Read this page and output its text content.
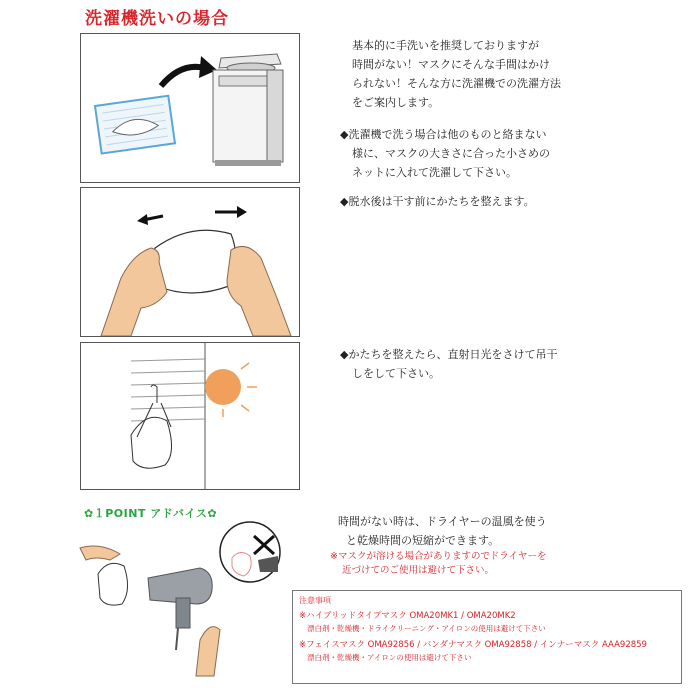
洗濯機洗いの場合
基本的に手洗いを推奨しておりますが
時間がない！マスクにそんな手間はかけ
られない！そんな方に洗濯機での洗濯方法
をご案内します。
◆洗濯機で洗う場合は他のものと絡まない
様に、マスクの大きさに合った小さめの
ネットに入れて洗濯して下さい。
◆脱水後は干す前にかたちを整えます。
◆かたちを整えたら、直射日光をさけて吊干
しをして下さい。
✿１POINT アドバイス✿
時間がない時は、ドライヤーの温風を使う
と乾燥時間の短縮ができます。
※マスクが溶ける場合がありますのでドライヤーを
近づけてのご使用は避けて下さい。
注意事項
※ハイブリッドタイプマスク OMA20MK1 / OMA20MK2
漂白剤・乾燥機・ドライクリーニング・アイロンの使用は避けて下さい
※フェイスマスク OMA92856 / バンダナマスク OMA92858 / インナーマスク AAA92859
漂白剤・乾燥機・アイロンの使用は避けて下さい
